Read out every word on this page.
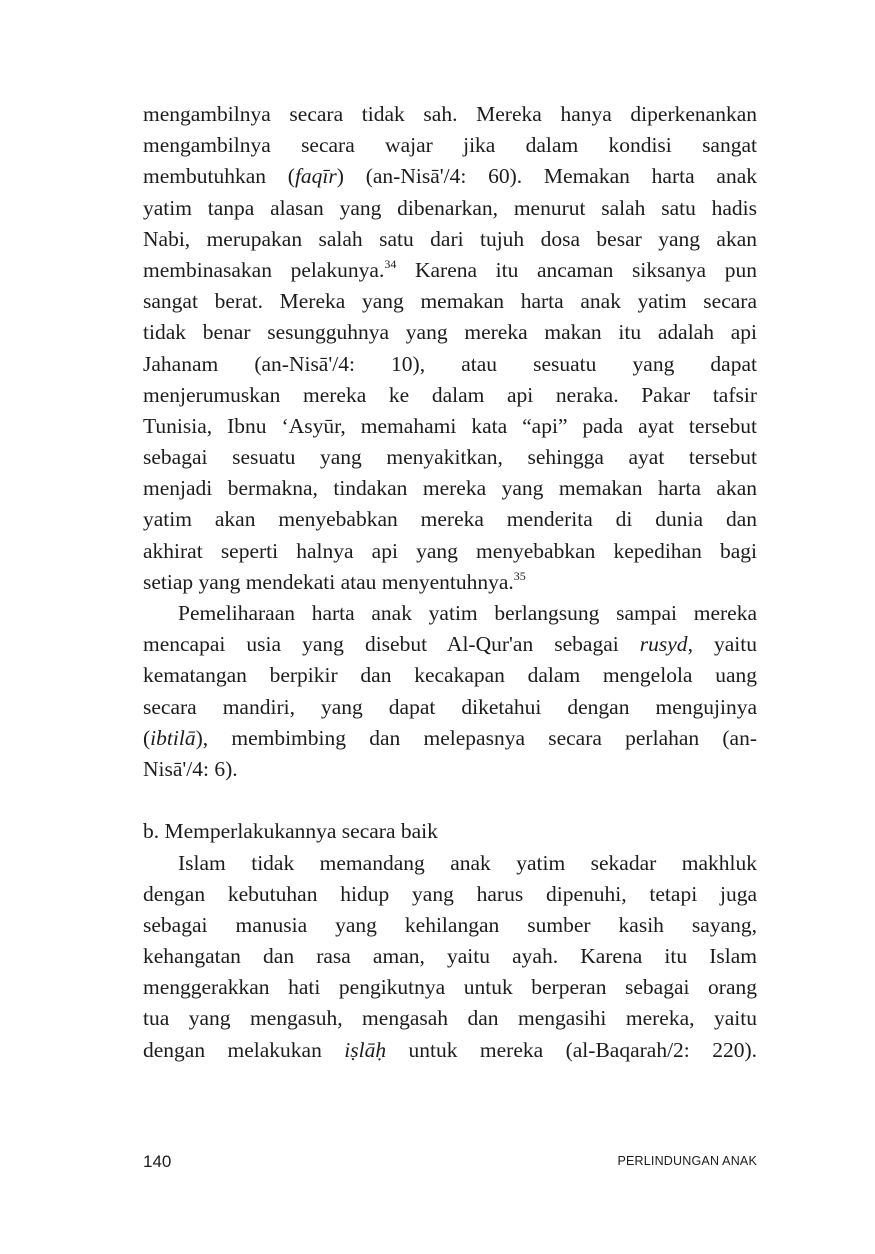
mengambilnya secara tidak sah. Mereka hanya diperkenankan
mengambilnya secara wajar jika dalam kondisi sangat
membutuhkan (faqīr) (an-Nisā'/4: 60). Memakan harta anak
yatim tanpa alasan yang dibenarkan, menurut salah satu hadis
Nabi, merupakan salah satu dari tujuh dosa besar yang akan
membinasakan pelakunya.$^{34}$ Karena itu ancaman siksanya pun
sangat berat. Mereka yang memakan harta anak yatim secara
tidak benar sesungguhnya yang mereka makan itu adalah api
Jahanam (an-Nisā'/4: 10), atau sesuatu yang dapat
menjerumuskan mereka ke dalam api neraka. Pakar tafsir
Tunisia, Ibnu ‘Asyūr, memahami kata “api” pada ayat tersebut
sebagai sesuatu yang menyakitkan, sehingga ayat tersebut
menjadi bermakna, tindakan mereka yang memakan harta akan
yatim akan menyebabkan mereka menderita di dunia dan
akhirat seperti halnya api yang menyebabkan kepedihan bagi
setiap yang mendekati atau menyentuhnya.$^{35}$
Pemeliharaan harta anak yatim berlangsung sampai mereka
mencapai usia yang disebut Al-Qur'an sebagai rusyd, yaitu
kematangan berpikir dan kecakapan dalam mengelola uang
secara mandiri, yang dapat diketahui dengan mengujinya
(ibtilā), membimbing dan melepasnya secara perlahan (an-
Nisā'/4: 6).
b. Memperlakukannya secara baik
Islam tidak memandang anak yatim sekadar makhluk
dengan kebutuhan hidup yang harus dipenuhi, tetapi juga
sebagai manusia yang kehilangan sumber kasih sayang,
kehangatan dan rasa aman, yaitu ayah. Karena itu Islam
menggerakkan hati pengikutnya untuk berperan sebagai orang
tua yang mengasuh, mengasah dan mengasihi mereka, yaitu
dengan melakukan iṣlāḥ untuk mereka (al-Baqarah/2: 220).
140	PERLINDUNGAN ANAK
